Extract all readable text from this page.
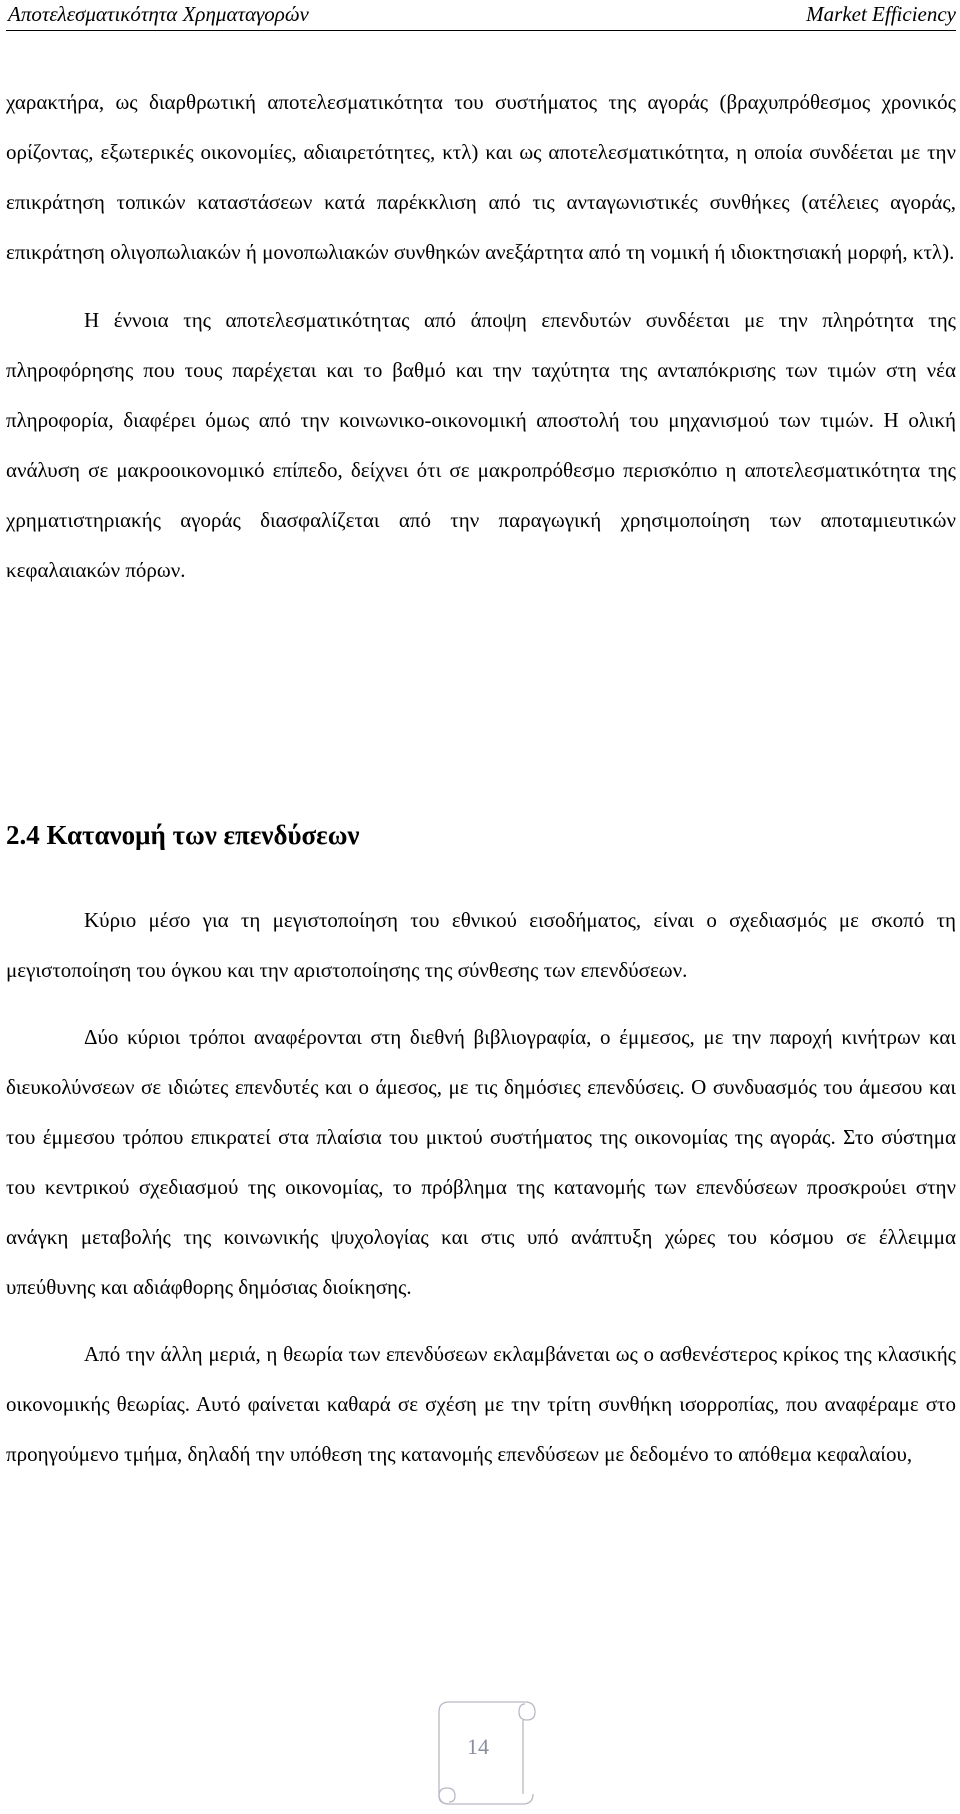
Αποτελεσματικότητα Χρηματαγορών	Market Efficiency

χαρακτήρα, ως διαρθρωτική αποτελεσματικότητα του συστήματος της αγοράς (βραχυπρόθεσμος χρονικός ορίζοντας, εξωτερικές οικονομίες, αδιαιρετότητες, κτλ) και ως αποτελεσματικότητα, η οποία συνδέεται με την επικράτηση τοπικών καταστάσεων κατά παρέκκλιση από τις ανταγωνιστικές συνθήκες (ατέλειες αγοράς, επικράτηση ολιγοπωλιακών ή μονοπωλιακών συνθηκών ανεξάρτητα από τη νομική ή ιδιοκτησιακή μορφή, κτλ).

Η έννοια της αποτελεσματικότητας από άποψη επενδυτών συνδέεται με την πληρότητα της πληροφόρησης που τους παρέχεται και το βαθμό και την ταχύτητα της ανταπόκρισης των τιμών στη νέα πληροφορία, διαφέρει όμως από την κοινωνικο-οικονομική αποστολή του μηχανισμού των τιμών. Η ολική ανάλυση σε μακροοικονομικό επίπεδο, δείχνει ότι σε μακροπρόθεσμο περισκόπιο η αποτελεσματικότητα της χρηματιστηριακής αγοράς διασφαλίζεται από την παραγωγική χρησιμοποίηση των αποταμιευτικών κεφαλαιακών πόρων.

2.4 Κατανομή των επενδύσεων

Κύριο μέσο για τη μεγιστοποίηση του εθνικού εισοδήματος, είναι ο σχεδιασμός με σκοπό τη μεγιστοποίηση του όγκου και την αριστοποίησης της σύνθεσης των επενδύσεων.

Δύο κύριοι τρόποι αναφέρονται στη διεθνή βιβλιογραφία, ο έμμεσος, με την παροχή κινήτρων και διευκολύνσεων σε ιδιώτες επενδυτές και ο άμεσος, με τις δημόσιες επενδύσεις. Ο συνδυασμός του άμεσου και του έμμεσου τρόπου επικρατεί στα πλαίσια του μικτού συστήματος της οικονομίας της αγοράς. Στο σύστημα του κεντρικού σχεδιασμού της οικονομίας, το πρόβλημα της κατανομής των επενδύσεων προσκρούει στην ανάγκη μεταβολής της κοινωνικής ψυχολογίας και στις υπό ανάπτυξη χώρες του κόσμου σε έλλειμμα υπεύθυνης και αδιάφθορης δημόσιας διοίκησης.

Από την άλλη μεριά, η θεωρία των επενδύσεων εκλαμβάνεται ως ο ασθενέστερος κρίκος της κλασικής οικονομικής θεωρίας. Αυτό φαίνεται καθαρά σε σχέση με την τρίτη συνθήκη ισορροπίας, που αναφέραμε στο προηγούμενο τμήμα, δηλαδή την υπόθεση της κατανομής επενδύσεων με δεδομένο το απόθεμα κεφαλαίου,

14
